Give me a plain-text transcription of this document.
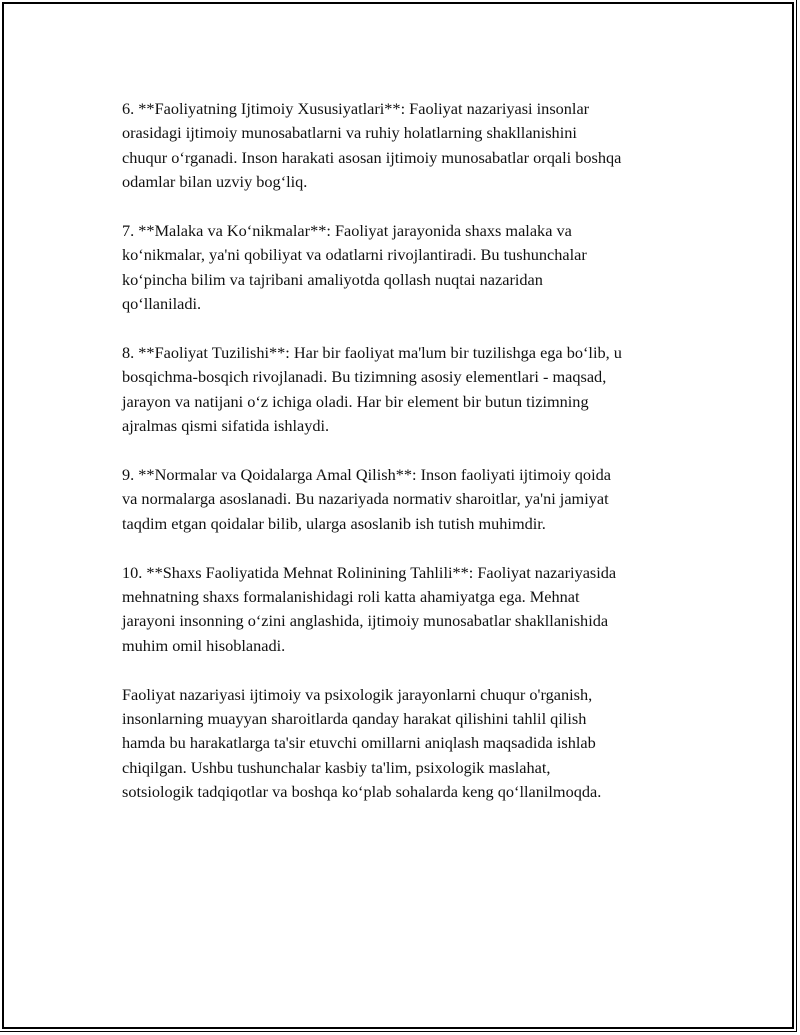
6. **Faoliyatning Ijtimoiy Xususiyatlari**: Faoliyat nazariyasi insonlar
orasidagi ijtimoiy munosabatlarni va ruhiy holatlarning shakllanishini
chuqur o‘rganadi. Inson harakati asosan ijtimoiy munosabatlar orqali boshqa
odamlar bilan uzviy bog‘liq.

7. **Malaka va Ko‘nikmalar**: Faoliyat jarayonida shaxs malaka va
ko‘nikmalar, ya'ni qobiliyat va odatlarni rivojlantiradi. Bu tushunchalar
ko‘pincha bilim va tajribani amaliyotda qollash nuqtai nazaridan
qo‘llaniladi.

8. **Faoliyat Tuzilishi**: Har bir faoliyat ma'lum bir tuzilishga ega bo‘lib, u
bosqichma-bosqich rivojlanadi. Bu tizimning asosiy elementlari - maqsad,
jarayon va natijani o‘z ichiga oladi. Har bir element bir butun tizimning
ajralmas qismi sifatida ishlaydi.

9. **Normalar va Qoidalarga Amal Qilish**: Inson faoliyati ijtimoiy qoida
va normalarga asoslanadi. Bu nazariyada normativ sharoitlar, ya'ni jamiyat
taqdim etgan qoidalar bilib, ularga asoslanib ish tutish muhimdir.

10. **Shaxs Faoliyatida Mehnat Rolinining Tahlili**: Faoliyat nazariyasida
mehnatning shaxs formalanishidagi roli katta ahamiyatga ega. Mehnat
jarayoni insonning o‘zini anglashida, ijtimoiy munosabatlar shakllanishida
muhim omil hisoblanadi.

Faoliyat nazariyasi ijtimoiy va psixologik jarayonlarni chuqur o'rganish,
insonlarning muayyan sharoitlarda qanday harakat qilishini tahlil qilish
hamda bu harakatlarga ta'sir etuvchi omillarni aniqlash maqsadida ishlab
chiqilgan. Ushbu tushunchalar kasbiy ta'lim, psixologik maslahat,
sotsiologik tadqiqotlar va boshqa ko‘plab sohalarda keng qo‘llanilmoqda.
